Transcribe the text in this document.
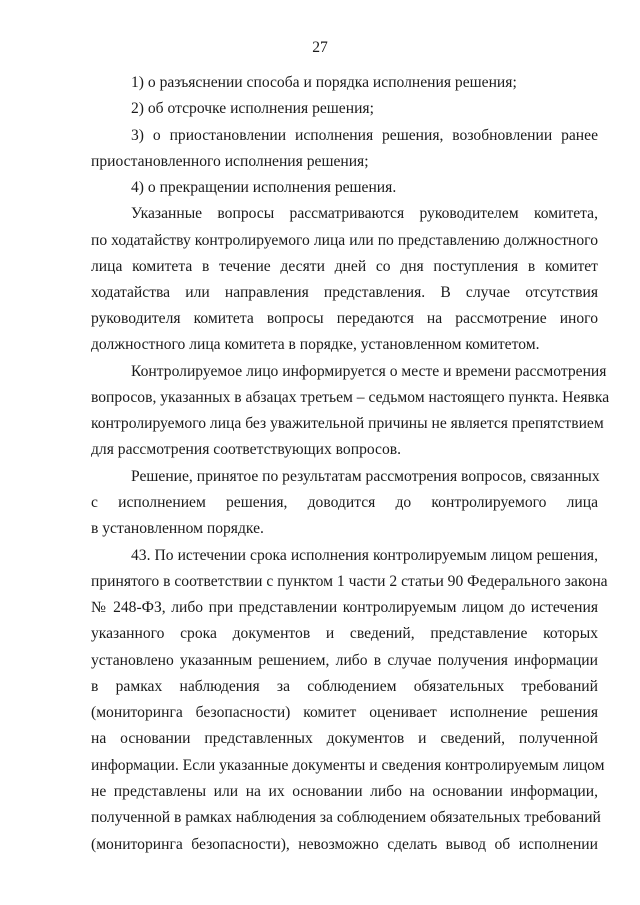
27
1) о разъяснении способа и порядка исполнения решения;
2) об отсрочке исполнения решения;
3) о приостановлении исполнения решения, возобновлении ранее
приостановленного исполнения решения;
4) о прекращении исполнения решения.
Указанные вопросы рассматриваются руководителем комитета,
по ходатайству контролируемого лица или по представлению должностного
лица комитета в течение десяти дней со дня поступления в комитет
ходатайства или направления представления. В случае отсутствия
руководителя комитета вопросы передаются на рассмотрение иного
должностного лица комитета в порядке, установленном комитетом.
Контролируемое лицо информируется о месте и времени рассмотрения
вопросов, указанных в абзацах третьем – седьмом настоящего пункта. Неявка
контролируемого лица без уважительной причины не является препятствием
для рассмотрения соответствующих вопросов.
Решение, принятое по результатам рассмотрения вопросов, связанных
с исполнением решения, доводится до контролируемого лица
в установленном порядке.
43. По истечении срока исполнения контролируемым лицом решения,
принятого в соответствии с пунктом 1 части 2 статьи 90 Федерального закона
№ 248-ФЗ, либо при представлении контролируемым лицом до истечения
указанного срока документов и сведений, представление которых
установлено указанным решением, либо в случае получения информации
в рамках наблюдения за соблюдением обязательных требований
(мониторинга безопасности) комитет оценивает исполнение решения
на основании представленных документов и сведений, полученной
информации. Если указанные документы и сведения контролируемым лицом
не представлены или на их основании либо на основании информации,
полученной в рамках наблюдения за соблюдением обязательных требований
(мониторинга безопасности), невозможно сделать вывод об исполнении
